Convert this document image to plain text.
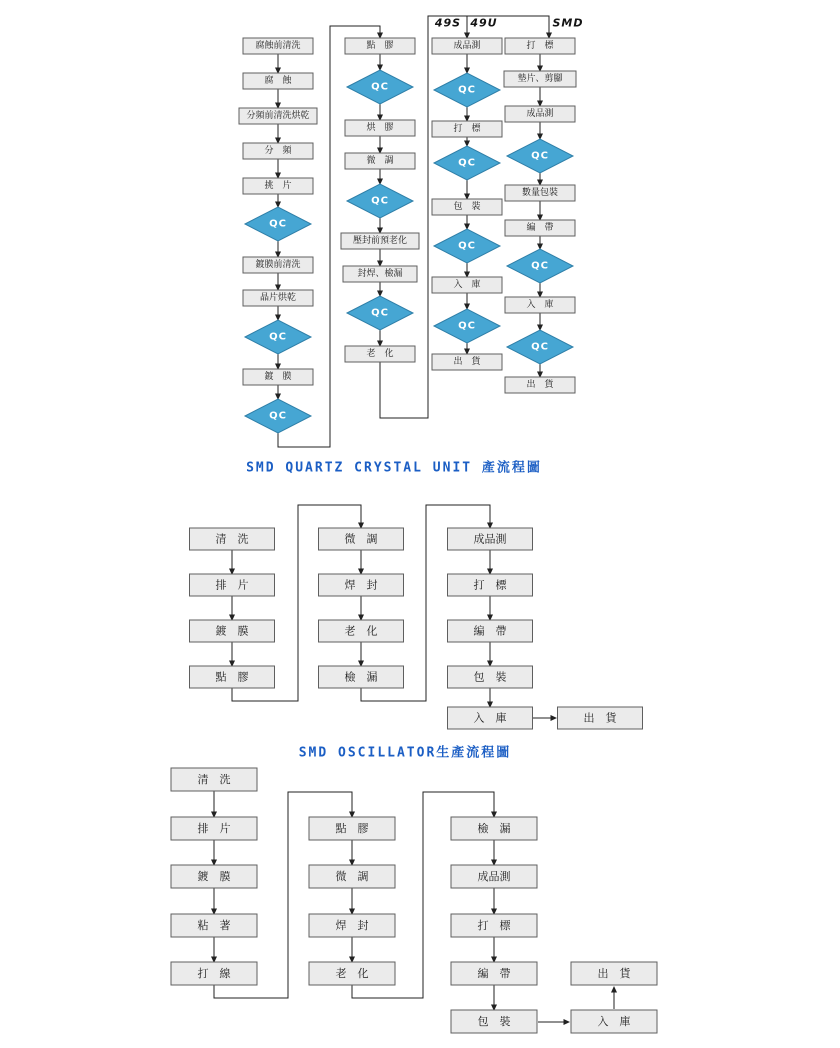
腐蝕前清洗
腐　蝕
分頻前清洗烘乾
分　頻
挑　片
QC
鍍膜前清洗
晶片烘乾
QC
鍍　膜
QC
點　膠
QC
烘　膠
微　調
QC
壓封前預老化
封焊、檢漏
QC
老　化
成品測
QC
打　標
QC
包　裝
QC
入　庫
QC
出　貨
打　標
墊片、剪腳
成品測
QC
數量包裝
編　帶
QC
入　庫
QC
出　貨
清　洗
排　片
鍍　膜
點　膠
微　調
焊　封
老　化
檢　漏
成品測
打　標
編　帶
包　裝
入　庫	出　貨
清　洗
排　片
鍍　膜
粘　著
打　線
點　膠
微　調
焊　封
老　化
檢　漏
成品測
打　標
編　帶
包　裝
出　貨
入　庫
SMD QUARTZ CRYSTAL UNIT 產流程圖
SMD OSCILLATOR生產流程圖
49S 49U	SMD
